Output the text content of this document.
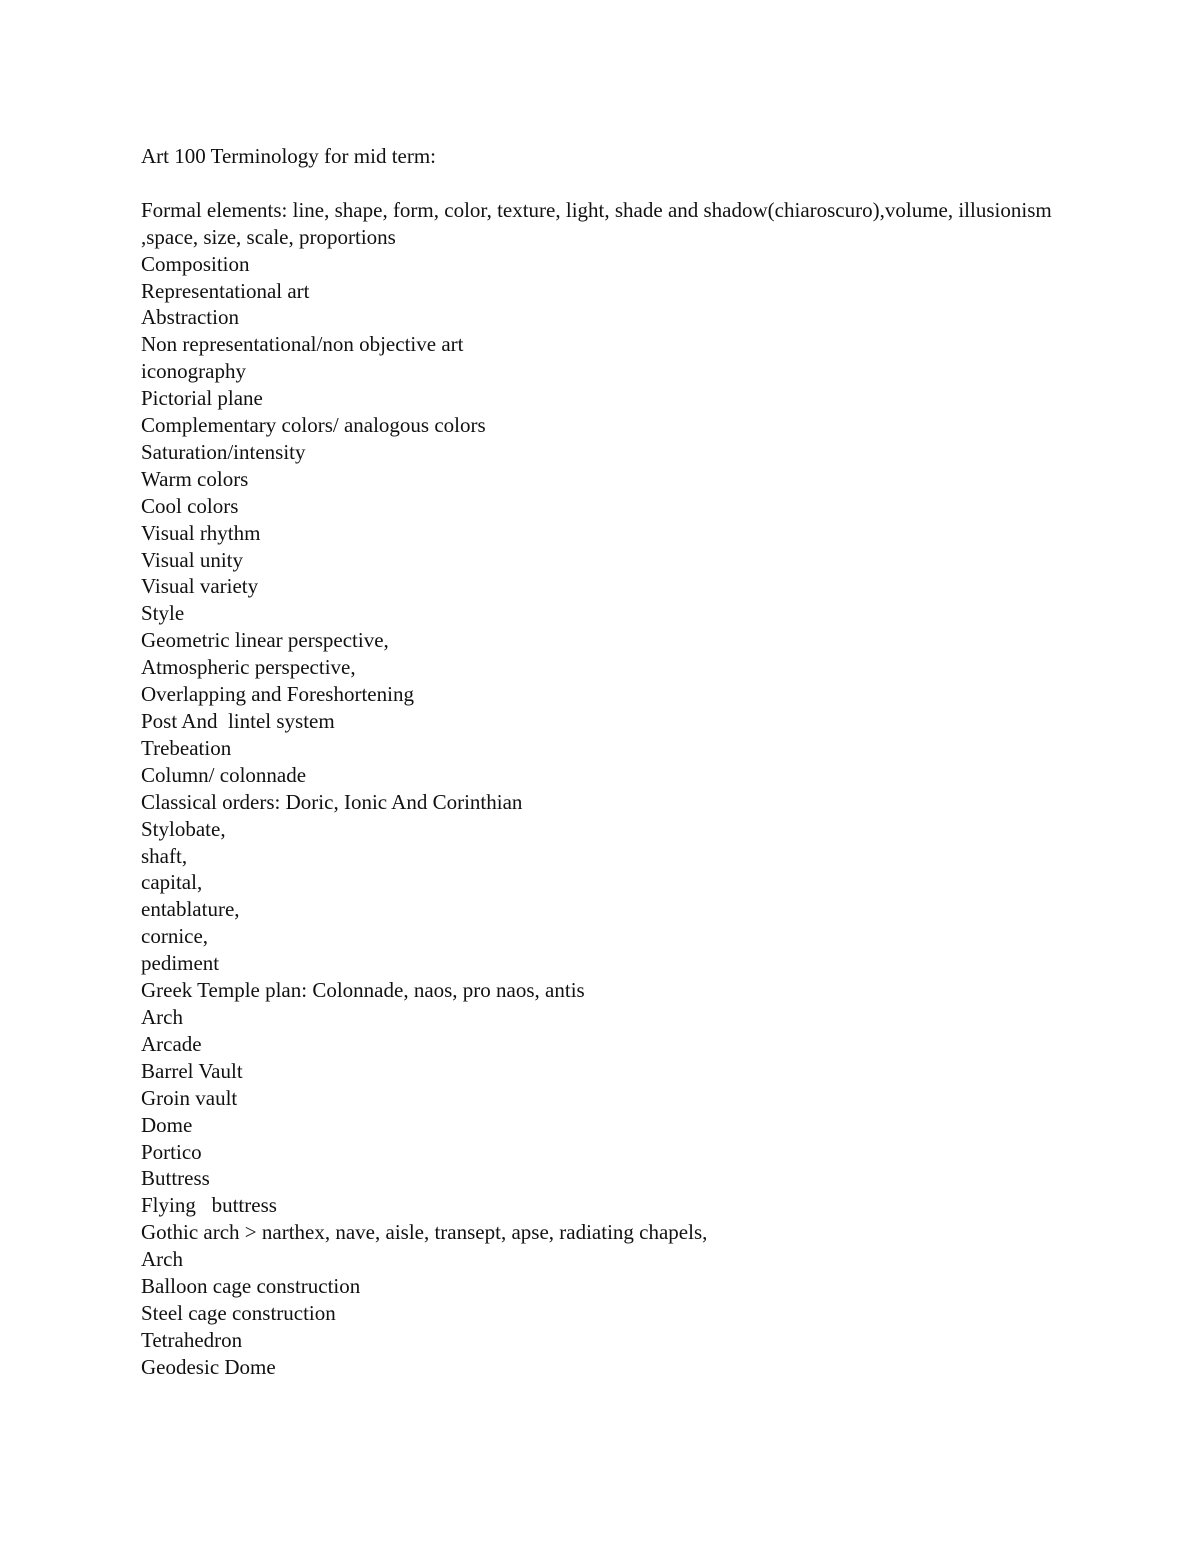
Art 100 Terminology for mid term:
Formal elements: line, shape, form, color, texture, light, shade and shadow(chiaroscuro),volume, illusionism ,space, size, scale, proportions
Composition
Representational art
Abstraction
Non representational/non objective art
iconography
Pictorial plane
Complementary colors/ analogous colors
Saturation/intensity
Warm colors
Cool colors
Visual rhythm
Visual unity
Visual variety
Style
Geometric linear perspective,
Atmospheric perspective,
Overlapping and Foreshortening
Post And  lintel system
Trebeation
Column/ colonnade
Classical orders: Doric, Ionic And Corinthian
Stylobate,
shaft,
capital,
entablature,
cornice,
pediment
Greek Temple plan: Colonnade, naos, pro naos, antis
Arch
Arcade
Barrel Vault
Groin vault
Dome
Portico
Buttress
Flying   buttress
Gothic arch > narthex, nave, aisle, transept, apse, radiating chapels,
Arch
Balloon cage construction
Steel cage construction
Tetrahedron
Geodesic Dome
